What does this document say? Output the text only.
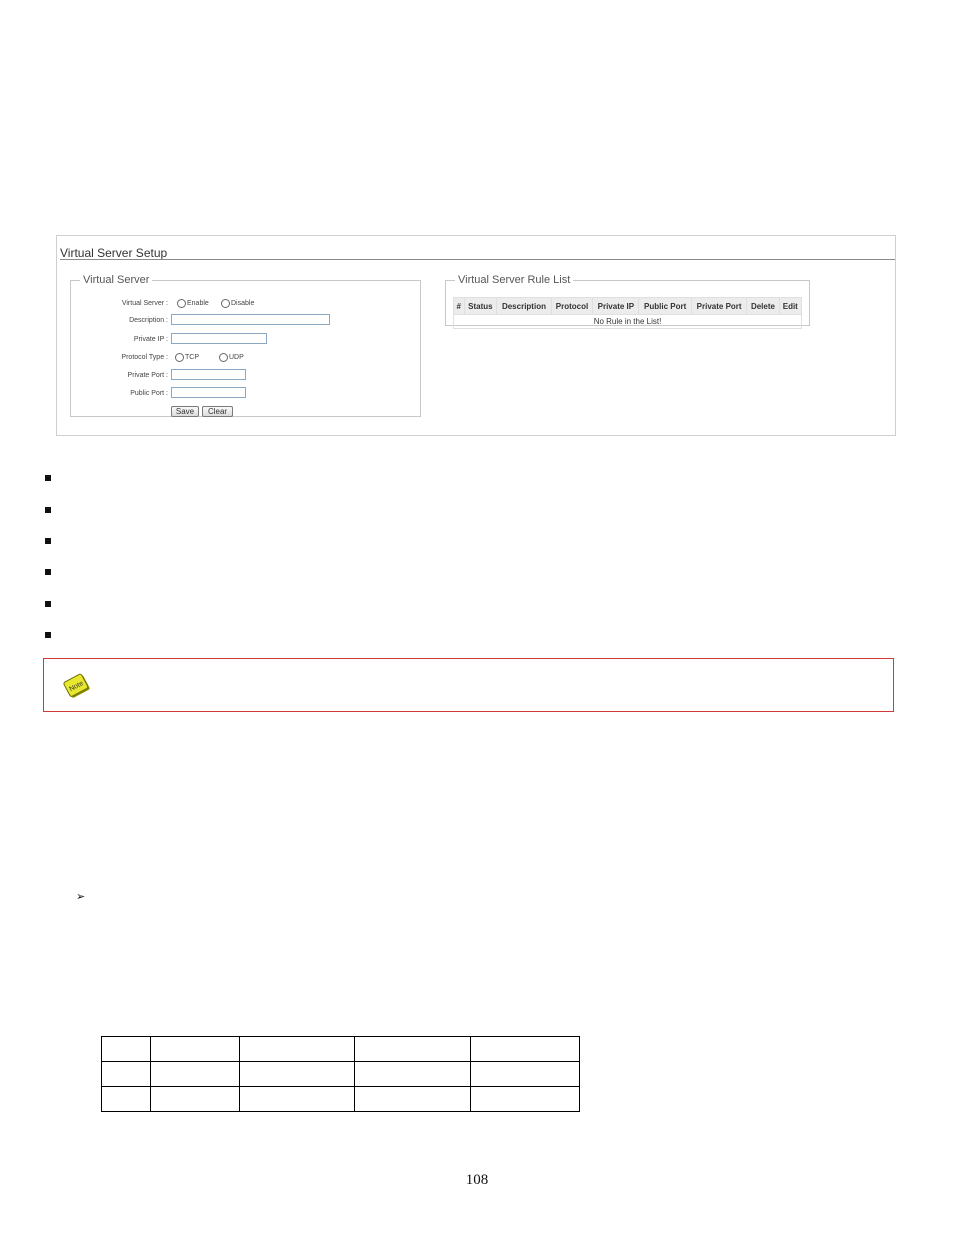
Virtual Server Setup
Virtual Server
Virtual Server :	Enable	Disable
Description :
Private IP :
Protocol Type : TCP	UDP
Private Port :
Public Port :
Save	Clear
Virtual Server Rule List
#	Status	Description	Protocol	Private IP	Public Port	Private Port	Delete	Edit
No Rule in the List!
Note
➢

108
